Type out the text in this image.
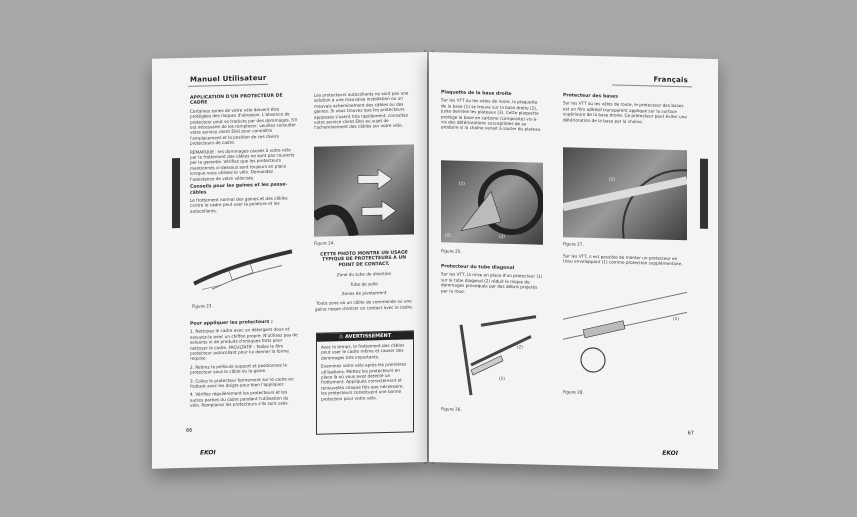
Manuel Utilisateur
APPLICATION D'UN PROTECTEUR DE CADRE

Certaines zones de votre vélo doivent être protégées des risques d'abrasion. L'absence de protecteur peut se traduire par des dommages. S'il est nécessaire de les remplacer, veuillez consulter votre service client Ekoi pour connaître l'emplacement et la position de ces divers protecteurs de cadre.

REMARQUE : les dommages causés à votre vélo par le frottement des câbles ne sont pas couverts par la garantie. Vérifiez que les protecteurs mentionnés ci-dessous sont toujours en place lorsque vous utilisez le vélo. Demandez l'assistance de votre vélociste.

Conseils pour les gaines et les passe-câbles

Le frottement normal des gaines et des câbles contre le cadre peut user la peinture et les autocollants.

Figure 23.
Pour appliquer les protecteurs :

1. Nettoyez le cadre avec un détergent doux et essuyez-le avec un chiffon propre. N'utilisez pas de solvants ni de produits chimiques forts pour nettoyer le cadre. FACULTATIF : Taillez le film protecteur autocollant pour lui donner la forme requise.

2. Retirez la pellicule support et positionnez le protecteur sous le câble ou la gaine.

3. Collez le protecteur fermement sur le cadre en frottant avec les doigts pour bien l'appliquer.

4. Vérifiez régulièrement les protecteurs et les autres parties du cadre pendant l'utilisation du vélo. Remplacez les protecteurs s'ils sont usés.

Les protecteurs autocollants ne sont pas une solution à une mauvaise installation ou un mauvais acheminement des câbles ou des gaines. Si vous trouvez que les protecteurs appposés s'usent très rapidement, consultez votre service client Ekoi au sujet de l'acheminement des câbles sur votre vélo.

Figure 24.
CETTE PHOTO MONTRE UN USAGE TYPIQUE DE PROTECTEURS À UN POINT DE CONTACT.

Zone du tube de direction

Tube de selle

Zones de pivotement

Toute zone où un câble de commande ou une gaine risque d'entrer en contact avec le cadre.

⚠ AVERTISSEMENT

Avec le temps, le frottement des câbles peut user le cadre même et causer des dommages très importants.

Examinez votre vélo après les premières utilisations. Mettez les protecteurs en place là où vous avez détecté un frottement. Appliqués correctement et renouvelés chaque fois que nécessaire, les protecteurs constituent une bonne protection pour votre vélo.

66
EKOI
Français
Plaquette de la base droite

Sur les VTT ou les vélos de route, la plaquette de la base (1) se trouve sur la base droite (2), juste derrière les plateaux (3). Cette plaquette protège la base en carbone (composite) vis-à-vis des détériorations susceptibles de se produire si la chaîne venait à sauter du plateau.

(2)
(1)
(3)
Figure 25.
Protecteur du tube diagonal

Sur les VTT, la mise en place d'un protecteur (1) sur le tube diagonal (2) réduit le risque de dommages provoqués par des débris projetés par la roue.

(2)
(1)
Figure 26.
Protecteur des bases

Sur les VTT ou les vélos de route, le protecteur des bases est un film adhésif transparent appliqué sur la surface supérieure de la base droite. Ce protecteur peut éviter une détérioration de la base par la chaîne.

(1)
Figure 27.

Sur les VTT, il est possible de monter un protecteur en tissu enveloppant (1) comme protection supplémentaire.

(1)
Figure 28.
67
EKOI
